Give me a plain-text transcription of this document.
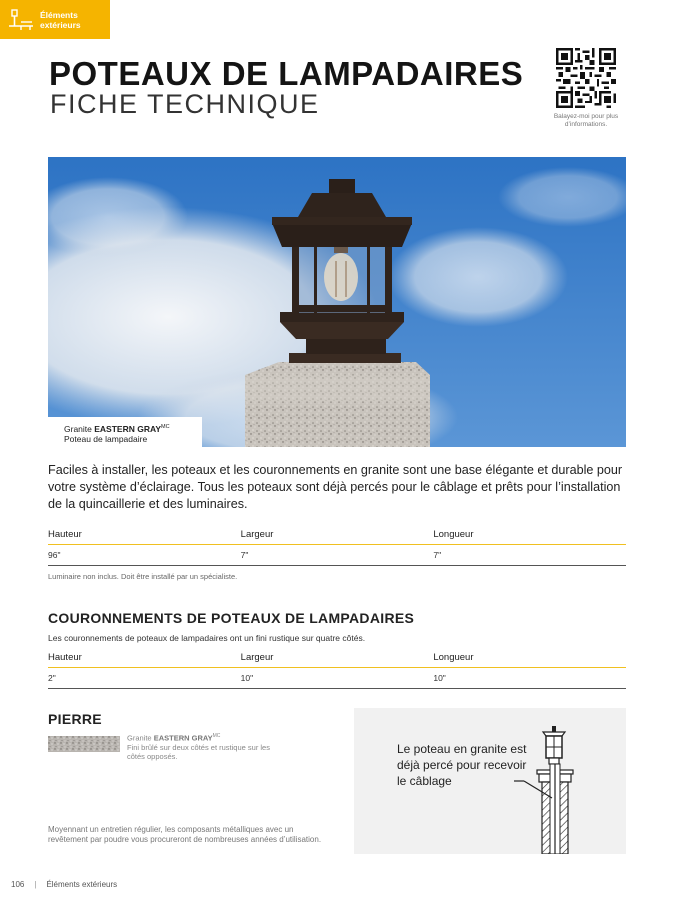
Éléments extérieurs
POTEAUX DE LAMPADAIRES
FICHE TECHNIQUE	Balayez-moi pour plus d’informations.
Granite EASTERN $GRAY^{MC}$
Poteau de lampadaire

Faciles à installer, les poteaux et les couronnements en granite sont une base élégante et durable pour votre système d’éclairage. Tous les poteaux sont déjà percés pour le câblage et prêts pour l’installation de la quincaillerie et des luminaires.

Hauteur	Largeur	Longueur
96"	7"	7"
Luminaire non inclus. Doit être installé par un spécialiste.
COURONNEMENTS DE POTEAUX DE LAMPADAIRES

Les couronnements de poteaux de lampadaires ont un fini rustique sur quatre côtés.

Hauteur	Largeur	Longueur
2"	10"	10"
PIERRE
Granite EASTERN $GRAY^{MC}$
Fini brûlé sur deux côtés et rustique sur les côtés opposés.

Moyennant un entretien régulier, les composants métalliques avec un revêtement par poudre vous procureront de nombreuses années d’utilisation.

Le poteau en granite est déjà percé pour recevoir le câblage
106 | Éléments extérieurs
